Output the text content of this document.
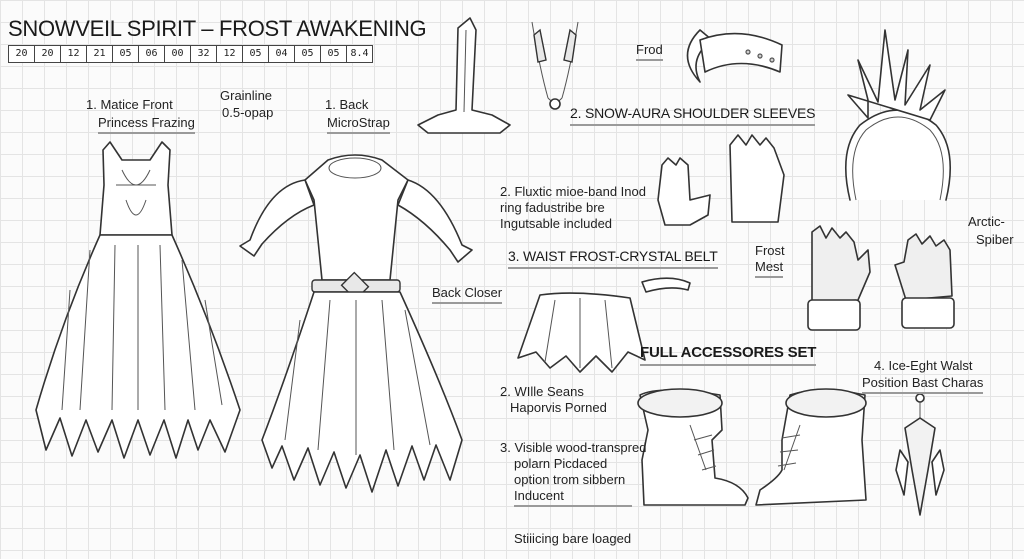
SNOWVEIL SPIRIT – FROST AWAKENING
20	20	12	21	05	06	00	32	12	05	04	05	05	8.4
1. Matice Front
Princess Frazing
Grainline
0.5-opap
1. Back
MicroStrap
Frod
2. SNOW-AURA SHOULDER SLEEVES
2. Fluxtic mioe-band Inod
ring fadustribe bre
Ingutsable included
3. WAIST FROST-CRYSTAL BELT
Back Closer
Frost
Mest
Arctic-
Spiber
FULL ACCESSORES SET
4. Ice-Eght Walst
Position Bast Charas
2. WIlle Seans
Haporvis Porned
3. Visible wood-transpred
polarn Picdaced
option trom sibbern
Inducent
Stiiicing bare loaged
